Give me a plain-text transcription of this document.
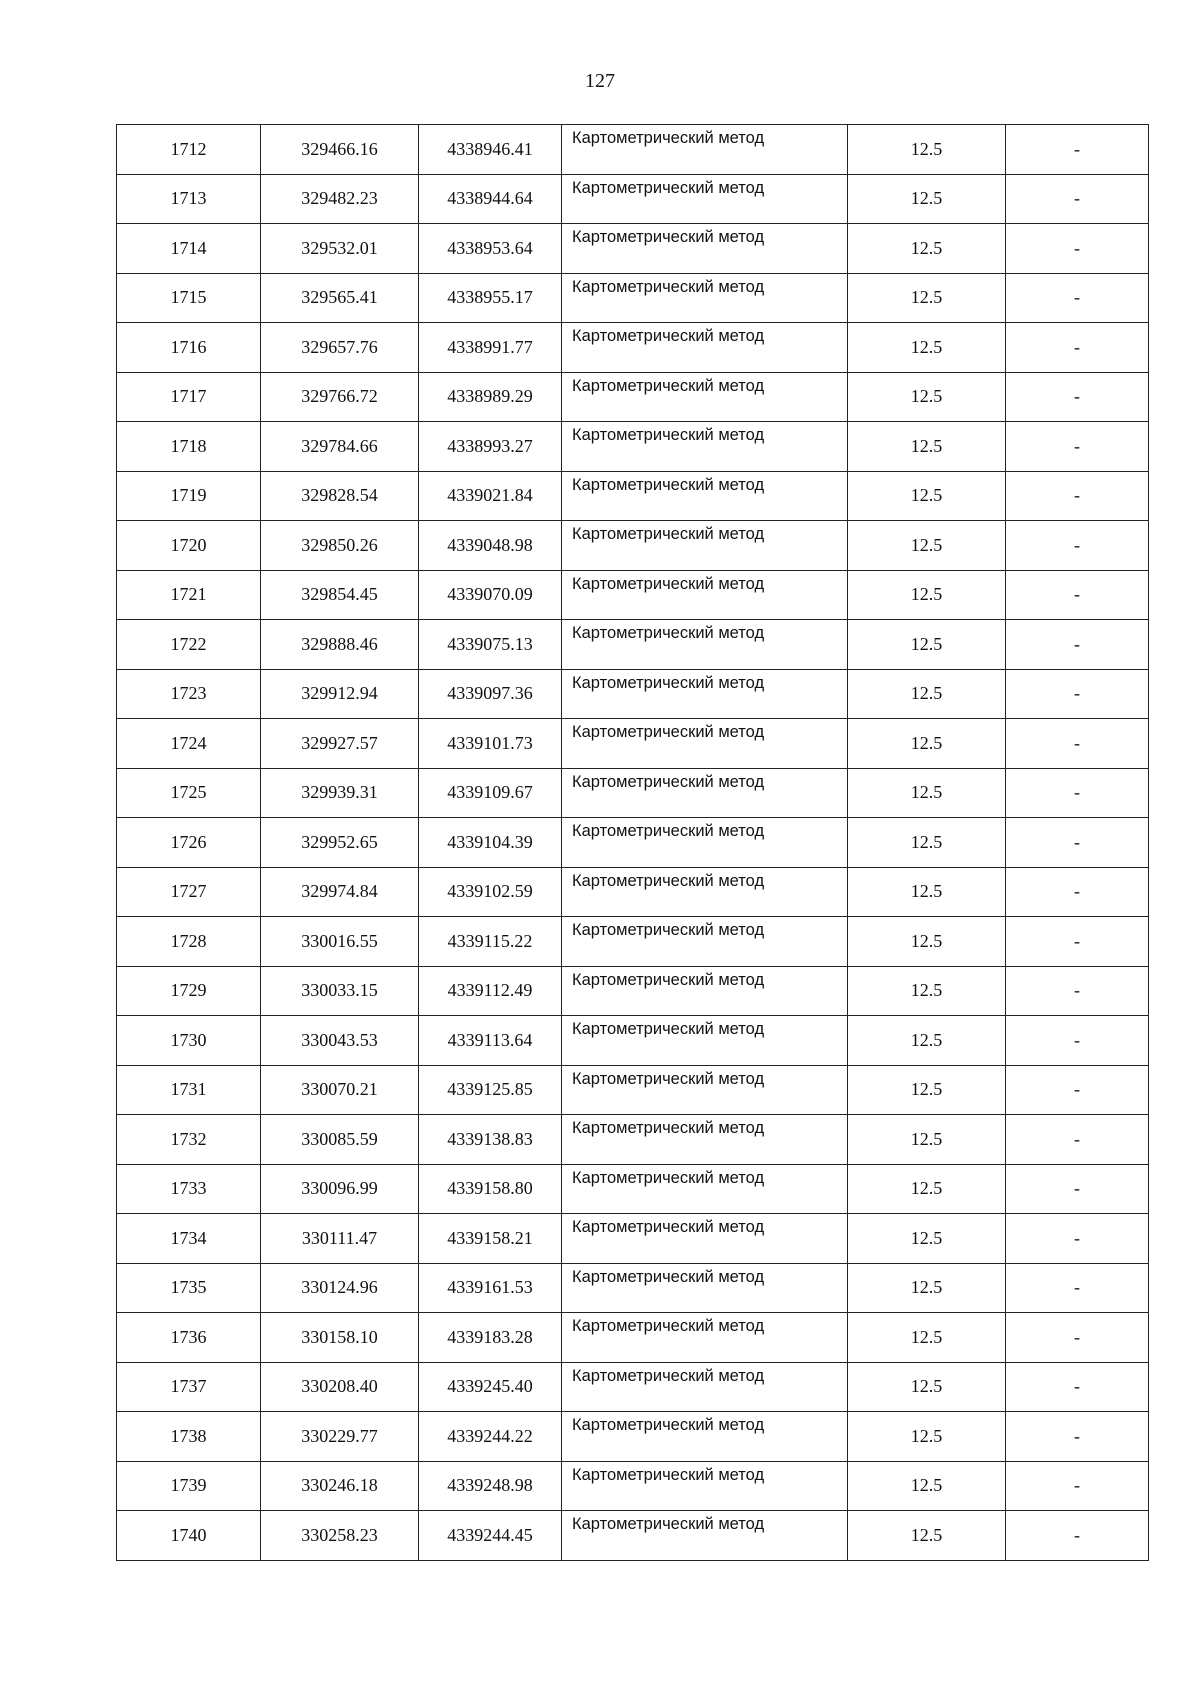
127
1712	329466.16	4338946.41	Картометрический метод	12.5	-
1713	329482.23	4338944.64	Картометрический метод	12.5	-
1714	329532.01	4338953.64	Картометрический метод	12.5	-
1715	329565.41	4338955.17	Картометрический метод	12.5	-
1716	329657.76	4338991.77	Картометрический метод	12.5	-
1717	329766.72	4338989.29	Картометрический метод	12.5	-
1718	329784.66	4338993.27	Картометрический метод	12.5	-
1719	329828.54	4339021.84	Картометрический метод	12.5	-
1720	329850.26	4339048.98	Картометрический метод	12.5	-
1721	329854.45	4339070.09	Картометрический метод	12.5	-
1722	329888.46	4339075.13	Картометрический метод	12.5	-
1723	329912.94	4339097.36	Картометрический метод	12.5	-
1724	329927.57	4339101.73	Картометрический метод	12.5	-
1725	329939.31	4339109.67	Картометрический метод	12.5	-
1726	329952.65	4339104.39	Картометрический метод	12.5	-
1727	329974.84	4339102.59	Картометрический метод	12.5	-
1728	330016.55	4339115.22	Картометрический метод	12.5	-
1729	330033.15	4339112.49	Картометрический метод	12.5	-
1730	330043.53	4339113.64	Картометрический метод	12.5	-
1731	330070.21	4339125.85	Картометрический метод	12.5	-
1732	330085.59	4339138.83	Картометрический метод	12.5	-
1733	330096.99	4339158.80	Картометрический метод	12.5	-
1734	330111.47	4339158.21	Картометрический метод	12.5	-
1735	330124.96	4339161.53	Картометрический метод	12.5	-
1736	330158.10	4339183.28	Картометрический метод	12.5	-
1737	330208.40	4339245.40	Картометрический метод	12.5	-
1738	330229.77	4339244.22	Картометрический метод	12.5	-
1739	330246.18	4339248.98	Картометрический метод	12.5	-
1740	330258.23	4339244.45	Картометрический метод	12.5	-
